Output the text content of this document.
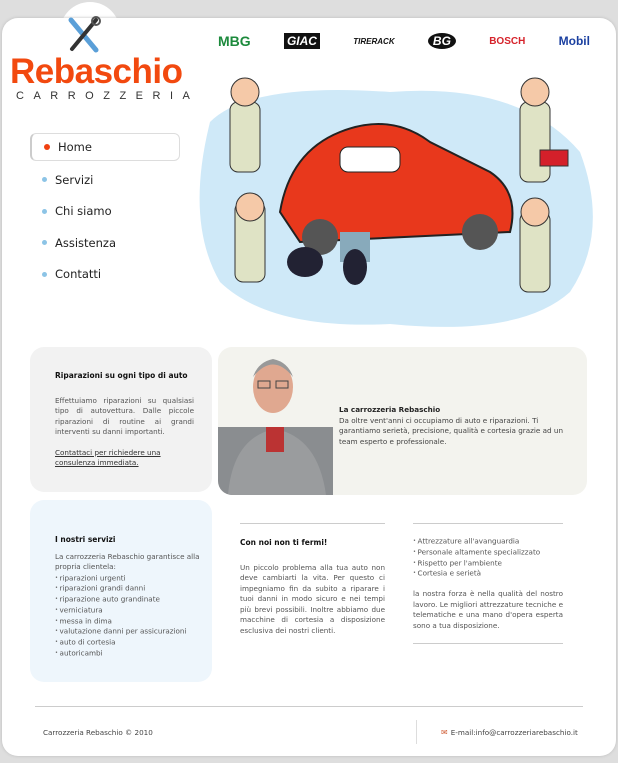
Rebaschio
CARROZZERIA
MBG	GIAC	TIRERACK	BG	BOSCH	Mobil
Home
Servizi
Chi siamo
Assistenza
Contatti
Riparazioni su ogni tipo di auto

Effettuiamo riparazioni su qualsiasi tipo di autovettura. Dalle piccole riparazioni di routine ai grandi interventi su danni importanti.

Contattaci per richiedere una consulenza immediata.

La carrozzeria Rebaschio

Da oltre vent'anni ci occupiamo di auto e riparazioni. Ti garantiamo serietà, precisione, qualità e cortesia grazie ad un team esperto e professionale.

I nostri servizi

La carrozzeria Rebaschio garantisce alla propria clientela:

• riparazioni urgenti
• riparazioni grandi danni
• riparazione auto grandinate
• verniciatura
• messa in dima
• valutazione danni per assicurazioni
• auto di cortesia
• autoricambi
Con noi non ti fermi!

Un piccolo problema alla tua auto non deve cambiarti la vita. Per questo ci impegniamo fin da subito a riparare i tuoi danni in modo sicuro e nei tempi più brevi possibili. Inoltre abbiamo due macchine di cortesia a disposizione esclusiva dei nostri clienti.

• Attrezzature all'avanguardia
• Personale altamente specializzato
• Rispetto per l'ambiente
• Cortesia e serietà

la nostra forza è nella qualità del nostro lavoro. Le migliori attrezzature tecniche e telematiche e una mano d'opera esperta sono a tua disposizione.

Carrozzeria Rebaschio © 2010	✉ E-mail:info@carrozzeriarebaschio.it
